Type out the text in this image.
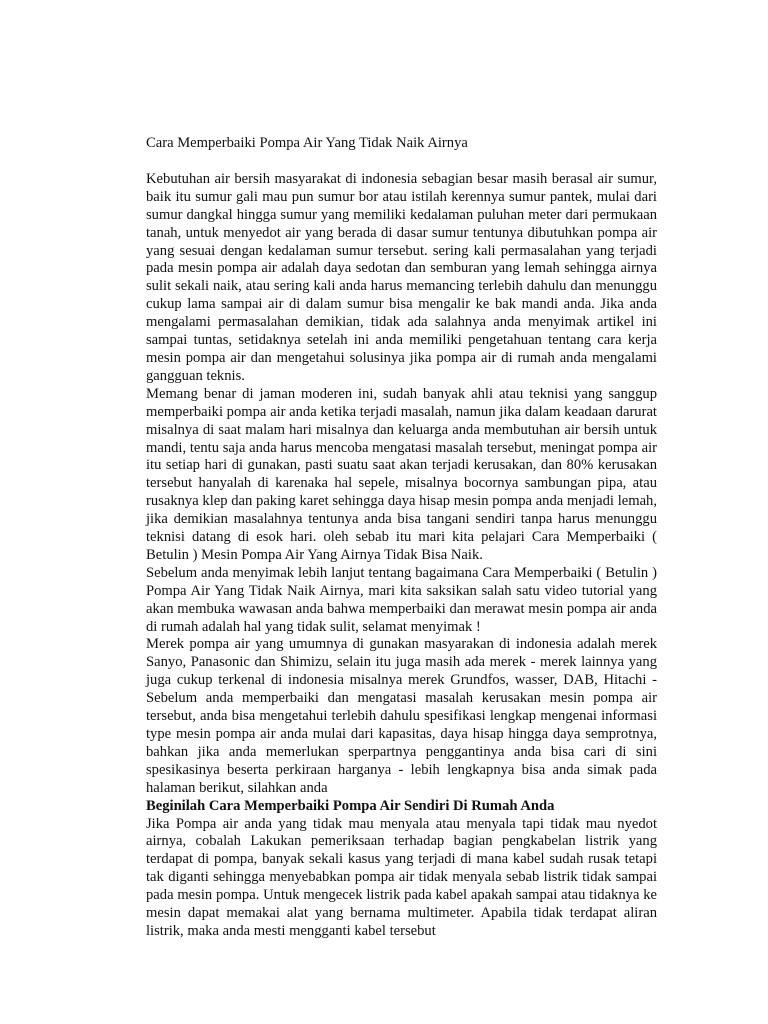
Cara Memperbaiki Pompa Air Yang Tidak Naik Airnya

Kebutuhan air bersih masyarakat di indonesia sebagian besar masih berasal air sumur, baik itu sumur gali mau pun sumur bor atau istilah kerennya sumur pantek, mulai dari sumur dangkal hingga sumur yang memiliki kedalaman puluhan meter dari permukaan tanah, untuk menyedot air yang berada di dasar sumur tentunya dibutuhkan pompa air yang sesuai dengan kedalaman sumur tersebut. sering kali permasalahan yang terjadi pada mesin pompa air adalah daya sedotan dan semburan yang lemah sehingga airnya sulit sekali naik, atau sering kali anda harus memancing terlebih dahulu dan menunggu cukup lama sampai air di dalam sumur bisa mengalir ke bak mandi anda. Jika anda mengalami permasalahan demikian, tidak ada salahnya anda menyimak artikel ini sampai tuntas, setidaknya setelah ini anda memiliki pengetahuan tentang cara kerja mesin pompa air dan mengetahui solusinya jika pompa air di rumah anda mengalami gangguan teknis.

Memang benar di jaman moderen ini, sudah banyak ahli atau teknisi yang sanggup memperbaiki pompa air anda ketika terjadi masalah, namun jika dalam keadaan darurat misalnya di saat malam hari misalnya dan keluarga anda membutuhan air bersih untuk mandi, tentu saja anda harus mencoba mengatasi masalah tersebut, meningat pompa air itu setiap hari di gunakan, pasti suatu saat akan terjadi kerusakan, dan 80% kerusakan tersebut hanyalah di karenaka hal sepele, misalnya bocornya sambungan pipa, atau rusaknya klep dan paking karet sehingga daya hisap mesin pompa anda menjadi lemah, jika demikian masalahnya tentunya anda bisa tangani sendiri tanpa harus menunggu teknisi datang di esok hari. oleh sebab itu mari kita pelajari Cara Memperbaiki ( Betulin ) Mesin Pompa Air Yang Airnya Tidak Bisa Naik.

Sebelum anda menyimak lebih lanjut tentang bagaimana Cara Memperbaiki ( Betulin ) Pompa Air Yang Tidak Naik Airnya, mari kita saksikan salah satu video tutorial yang akan membuka wawasan anda bahwa memperbaiki dan merawat mesin pompa air anda di rumah adalah hal yang tidak sulit, selamat menyimak !

Merek pompa air yang umumnya di gunakan masyarakan di indonesia adalah merek Sanyo, Panasonic dan Shimizu, selain itu juga masih ada merek - merek lainnya yang juga cukup terkenal di indonesia misalnya merek Grundfos, wasser, DAB, Hitachi - Sebelum anda memperbaiki dan mengatasi masalah kerusakan mesin pompa air tersebut, anda bisa mengetahui terlebih dahulu spesifikasi lengkap mengenai informasi type mesin pompa air anda mulai dari kapasitas, daya hisap hingga daya semprotnya, bahkan jika anda memerlukan sperpartnya penggantinya anda bisa cari di sini spesikasinya beserta perkiraan harganya - lebih lengkapnya bisa anda simak pada halaman berikut, silahkan anda

Beginilah Cara Memperbaiki Pompa Air Sendiri Di Rumah Anda

Jika Pompa air anda yang tidak mau menyala atau menyala tapi tidak mau nyedot airnya, cobalah Lakukan pemeriksaan terhadap bagian pengkabelan listrik yang terdapat di pompa, banyak sekali kasus yang terjadi di mana kabel sudah rusak tetapi tak diganti sehingga menyebabkan pompa air tidak menyala sebab listrik tidak sampai pada mesin pompa. Untuk mengecek listrik pada kabel apakah sampai atau tidaknya ke mesin dapat memakai alat yang bernama multimeter. Apabila tidak terdapat aliran listrik, maka anda mesti mengganti kabel tersebut
